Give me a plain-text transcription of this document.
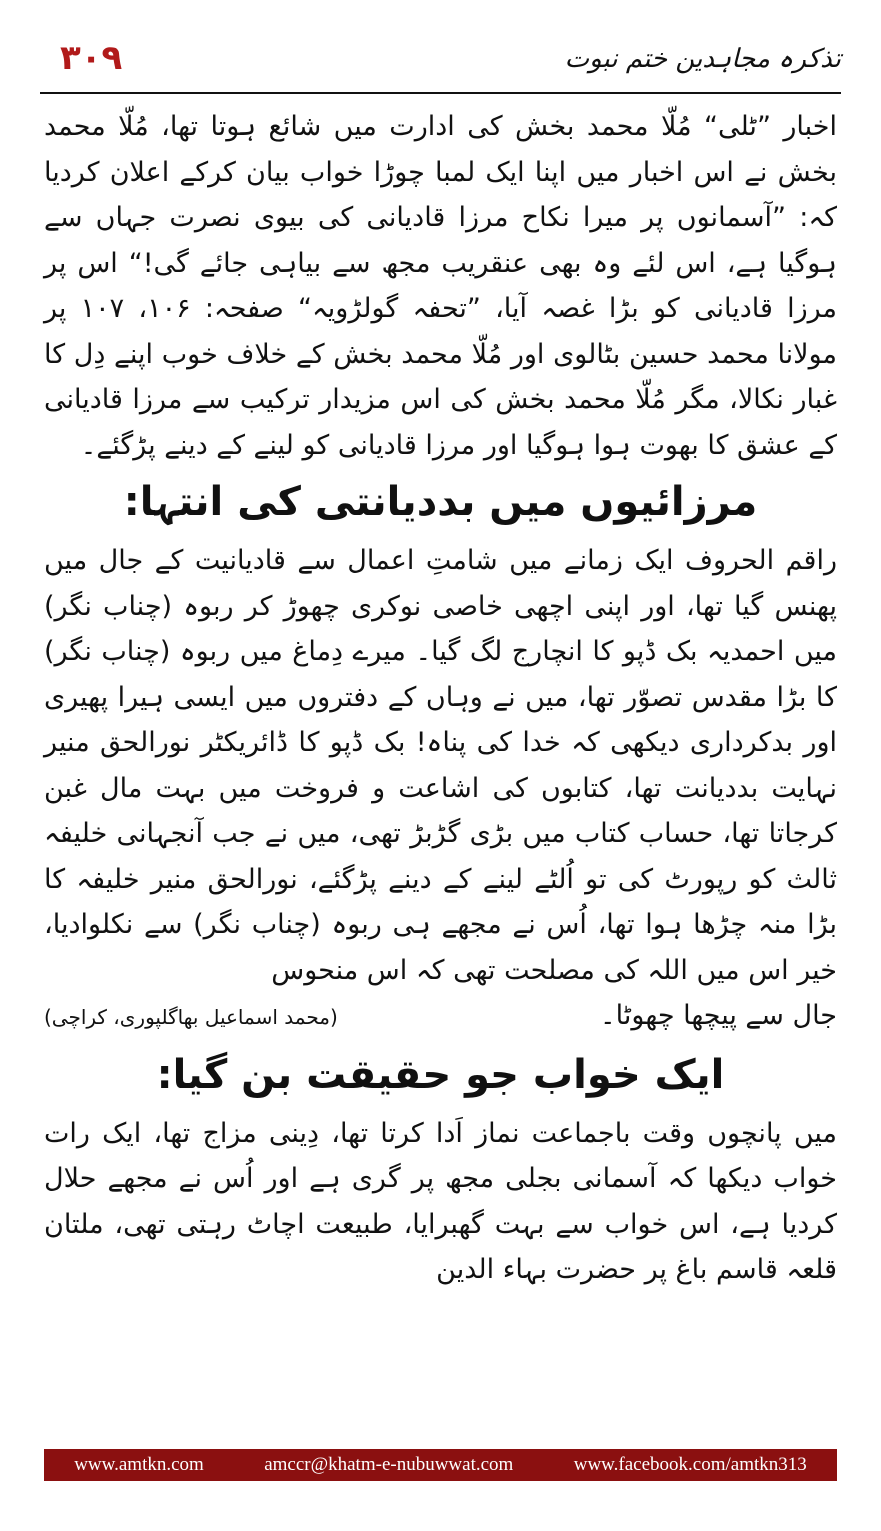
۳۰۹	تذکرہ مجاہدین ختم نبوت

اخبار ”ٹلی“ مُلّا محمد بخش کی ادارت میں شائع ہوتا تھا، مُلّا محمد بخش نے اس اخبار میں اپنا ایک لمبا چوڑا خواب بیان کرکے اعلان کردیا کہ: ”آسمانوں پر میرا نکاح مرزا قادیانی کی بیوی نصرت جہاں سے ہوگیا ہے، اس لئے وہ بھی عنقریب مجھ سے بیاہی جائے گی!“ اس پر مرزا قادیانی کو بڑا غصہ آیا، ”تحفہ گولڑویہ“ صفحہ: ۱۰۶، ۱۰۷ پر مولانا محمد حسین بٹالوی اور مُلّا محمد بخش کے خلاف خوب اپنے دِل کا غبار نکالا، مگر مُلّا محمد بخش کی اس مزیدار ترکیب سے مرزا قادیانی کے عشق کا بھوت ہوا ہوگیا اور مرزا قادیانی کو لینے کے دینے پڑگئے۔

مرزائیوں میں بددیانتی کی انتہا:

راقم الحروف ایک زمانے میں شامتِ اعمال سے قادیانیت کے جال میں پھنس گیا تھا، اور اپنی اچھی خاصی نوکری چھوڑ کر ربوہ (چناب نگر) میں احمدیہ بک ڈپو کا انچارج لگ گیا۔ میرے دِماغ میں ربوہ (چناب نگر) کا بڑا مقدس تصوّر تھا، میں نے وہاں کے دفتروں میں ایسی ہیرا پھیری اور بدکرداری دیکھی کہ خدا کی پناہ! بک ڈپو کا ڈائریکٹر نورالحق منیر نہایت بددیانت تھا، کتابوں کی اشاعت و فروخت میں بہت مال غبن کرجاتا تھا، حساب کتاب میں بڑی گڑبڑ تھی، میں نے جب آنجہانی خلیفہ ثالث کو رپورٹ کی تو اُلٹے لینے کے دینے پڑگئے، نورالحق منیر خلیفہ کا بڑا منہ چڑھا ہوا تھا، اُس نے مجھے ہی ربوہ (چناب نگر) سے نکلوادیا، خیر اس میں اللہ کی مصلحت تھی کہ اس منحوس

جال سے پیچھا چھوٹا۔
(محمد اسماعیل بھاگلپوری، کراچی)
ایک خواب جو حقیقت بن گیا:

میں پانچوں وقت باجماعت نماز اَدا کرتا تھا، دِینی مزاج تھا، ایک رات خواب دیکھا کہ آسمانی بجلی مجھ پر گری ہے اور اُس نے مجھے حلال کردیا ہے، اس خواب سے بہت گھبرایا، طبیعت اچاٹ رہتی تھی، ملتان قلعہ قاسم باغ پر حضرت بہاء الدین

www.amtkn.com	amccr@khatm-e-nubuwwat.com	www.facebook.com/amtkn313
